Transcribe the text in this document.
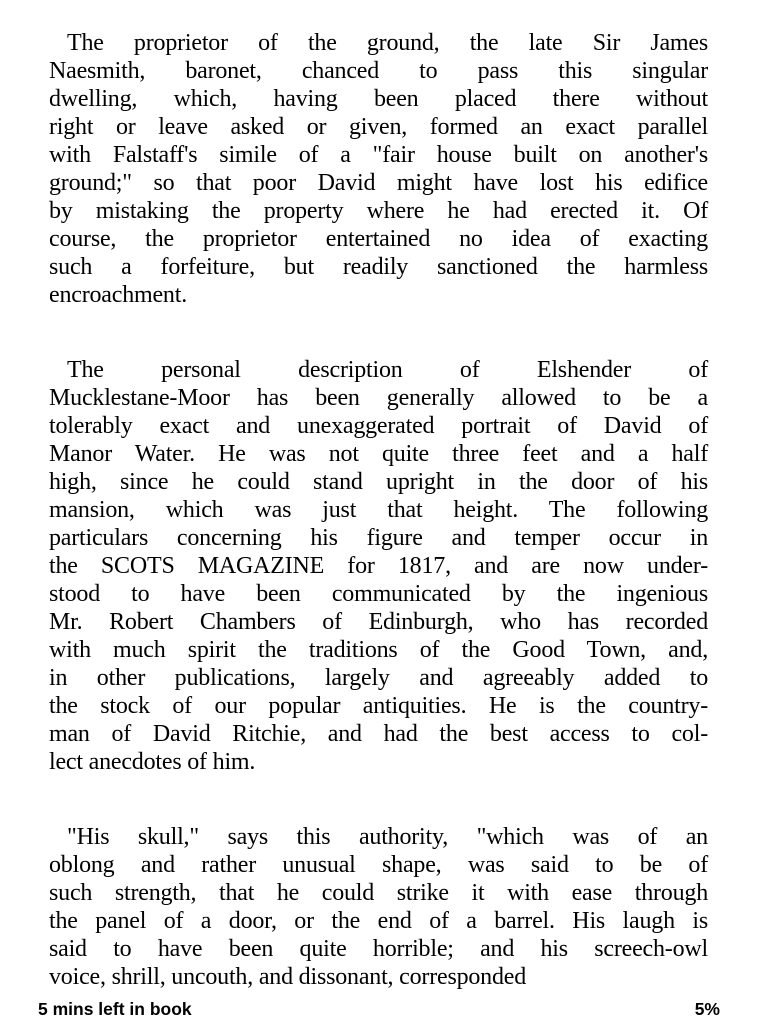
The proprietor of the ground, the late Sir James
Naesmith, baronet, chanced to pass this singular
dwelling, which, having been placed there without
right or leave asked or given, formed an exact parallel
with Falstaff's simile of a "fair house built on another's
ground;" so that poor David might have lost his edifice
by mistaking the property where he had erected it. Of
course, the proprietor entertained no idea of exacting
such a forfeiture, but readily sanctioned the harmless
encroachment.
The personal description of Elshender of
Mucklestane-Moor has been generally allowed to be a
tolerably exact and unexaggerated portrait of David of
Manor Water. He was not quite three feet and a half
high, since he could stand upright in the door of his
mansion, which was just that height. The following
particulars concerning his figure and temper occur in
the SCOTS MAGAZINE for 1817, and are now under-
stood to have been communicated by the ingenious
Mr. Robert Chambers of Edinburgh, who has recorded
with much spirit the traditions of the Good Town, and,
in other publications, largely and agreeably added to
the stock of our popular antiquities. He is the country-
man of David Ritchie, and had the best access to col-
lect anecdotes of him.
"His skull," says this authority, "which was of an
oblong and rather unusual shape, was said to be of
such strength, that he could strike it with ease through
the panel of a door, or the end of a barrel. His laugh is
said to have been quite horrible; and his screech-owl
voice, shrill, uncouth, and dissonant, corresponded
5 mins left in book	5%
